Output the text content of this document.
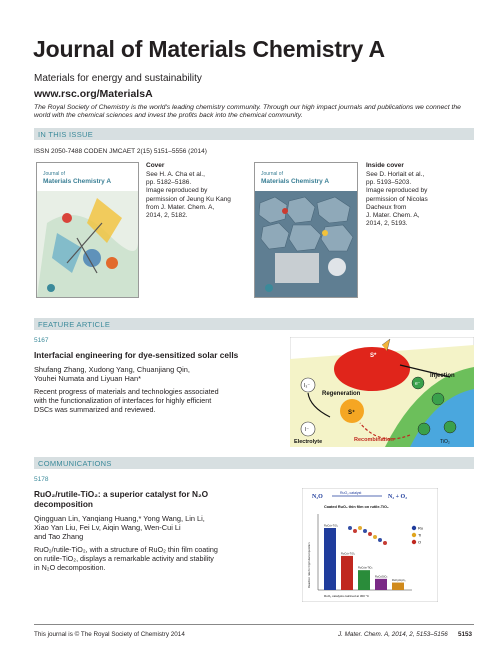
Journal of Materials Chemistry A
Materials for energy and sustainability
www.rsc.org/MaterialsA
The Royal Society of Chemistry is the world's leading chemistry community. Through our high impact journals and publications we connect the world with the chemical sciences and invest the profits back into the chemical community.
IN THIS ISSUE
ISSN 2050-7488 CODEN JMCAET 2(15) 5151–5556 (2014)
Journal of
Materials Chemistry A
Cover
See H. A. Cha et al.,
pp. 5182–5186.
Image reproduced by
permission of Jeung Ku Kang
from J. Mater. Chem. A,
2014, 2, 5182.
Journal of
Materials Chemistry A
Inside cover
See D. Horlait et al.,
pp. 5193–5203.
Image reproduced by
permission of Nicolas
Dacheux from
J. Mater. Chem. A,
2014, 2, 5193.
FEATURE ARTICLE
5167
Interfacial engineering for dye-sensitized solar cells
Shufang Zhang, Xudong Yang, Chuanjiang Qin,
Youhei Numata and Liyuan Han*
Recent progress of materials and technologies associated
with the functionalization of interfaces for highly efficient
DSCs was summarized and reviewed.
S*
S⁺
I₃⁻
I⁻
e⁻
Injection
Regeneration
Electrolyte	Recombination	TiO₂
COMMUNICATIONS
5178
RuO₂/rutile-TiO₂: a superior catalyst for N₂O
decomposition
Qingguan Lin, Yanqiang Huang,* Yong Wang, Lin Li,
Xiao Yan Liu, Fei Lv, Aiqin Wang, Wen-Cui Li
and Tao Zhang
RuO₂/rutile-TiO₂, with a structure of RuO₂ thin film coating
on rutile-TiO₂, displays a remarkable activity and stability
in N₂O decomposition.
N₂O
RuO₂ catalyst
N₂ + O₂
Coated RuO₂ thin film on rutile-TiO₂
Reaction rate for N₂O decomposition
RuO₂/r-TiO₂
RuO₂/r-TiO₂
RuO₂/a-TiO₂
RuO₂/SiO₂
RuO₂/Al₂O₃
RuO₂ catalysts calcined at 300 °C
Ru
Ti
O
This journal is © The Royal Society of Chemistry 2014	J. Mater. Chem. A, 2014, 2, 5153–5156 5153
